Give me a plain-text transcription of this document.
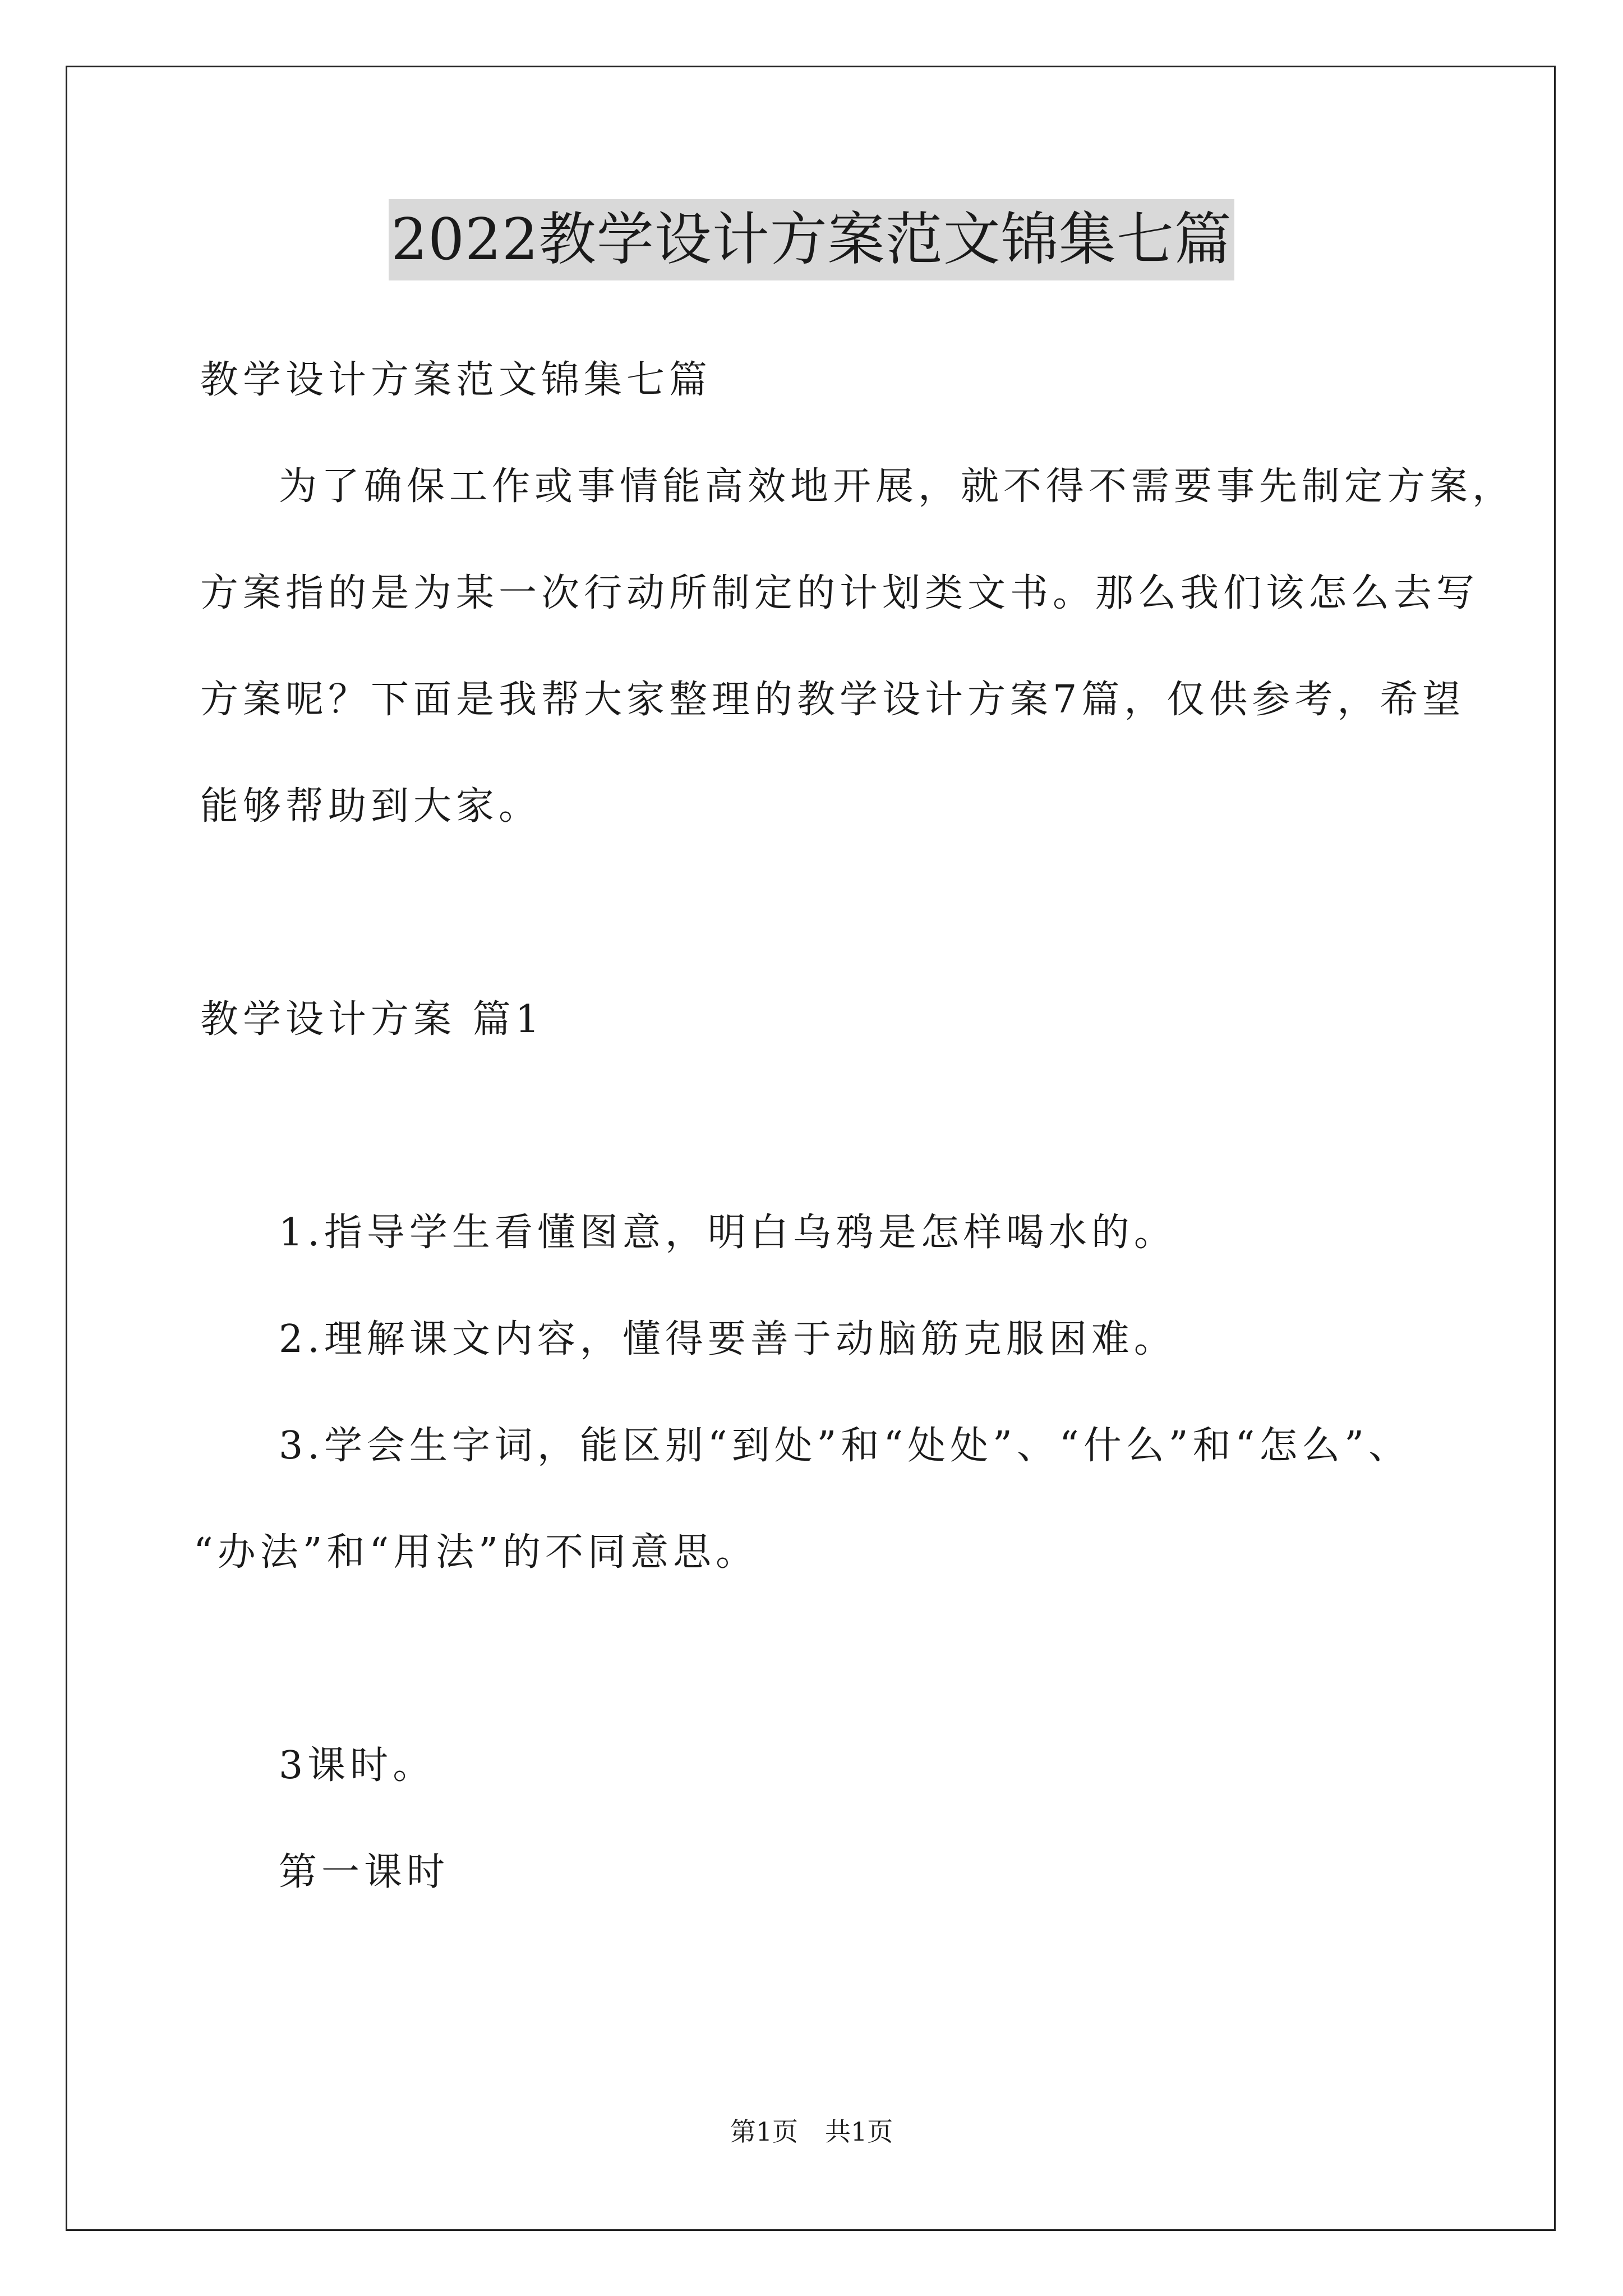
2022教学设计方案范文锦集七篇
教学设计方案范文锦集七篇
为了确保工作或事情能高效地开展，就不得不需要事先制定方案，
方案指的是为某一次行动所制定的计划类文书。那么我们该怎么去写
方案呢？下面是我帮大家整理的教学设计方案7篇，仅供参考，希望
能够帮助到大家。
教学设计方案 篇1
1.指导学生看懂图意，明白乌鸦是怎样喝水的。
2.理解课文内容，懂得要善于动脑筋克服困难。
3.学会生字词，能区别“到处”和“处处”、“什么”和“怎么”、
“办法”和“用法”的不同意思。
3课时。
第一课时
第1页 共1页
